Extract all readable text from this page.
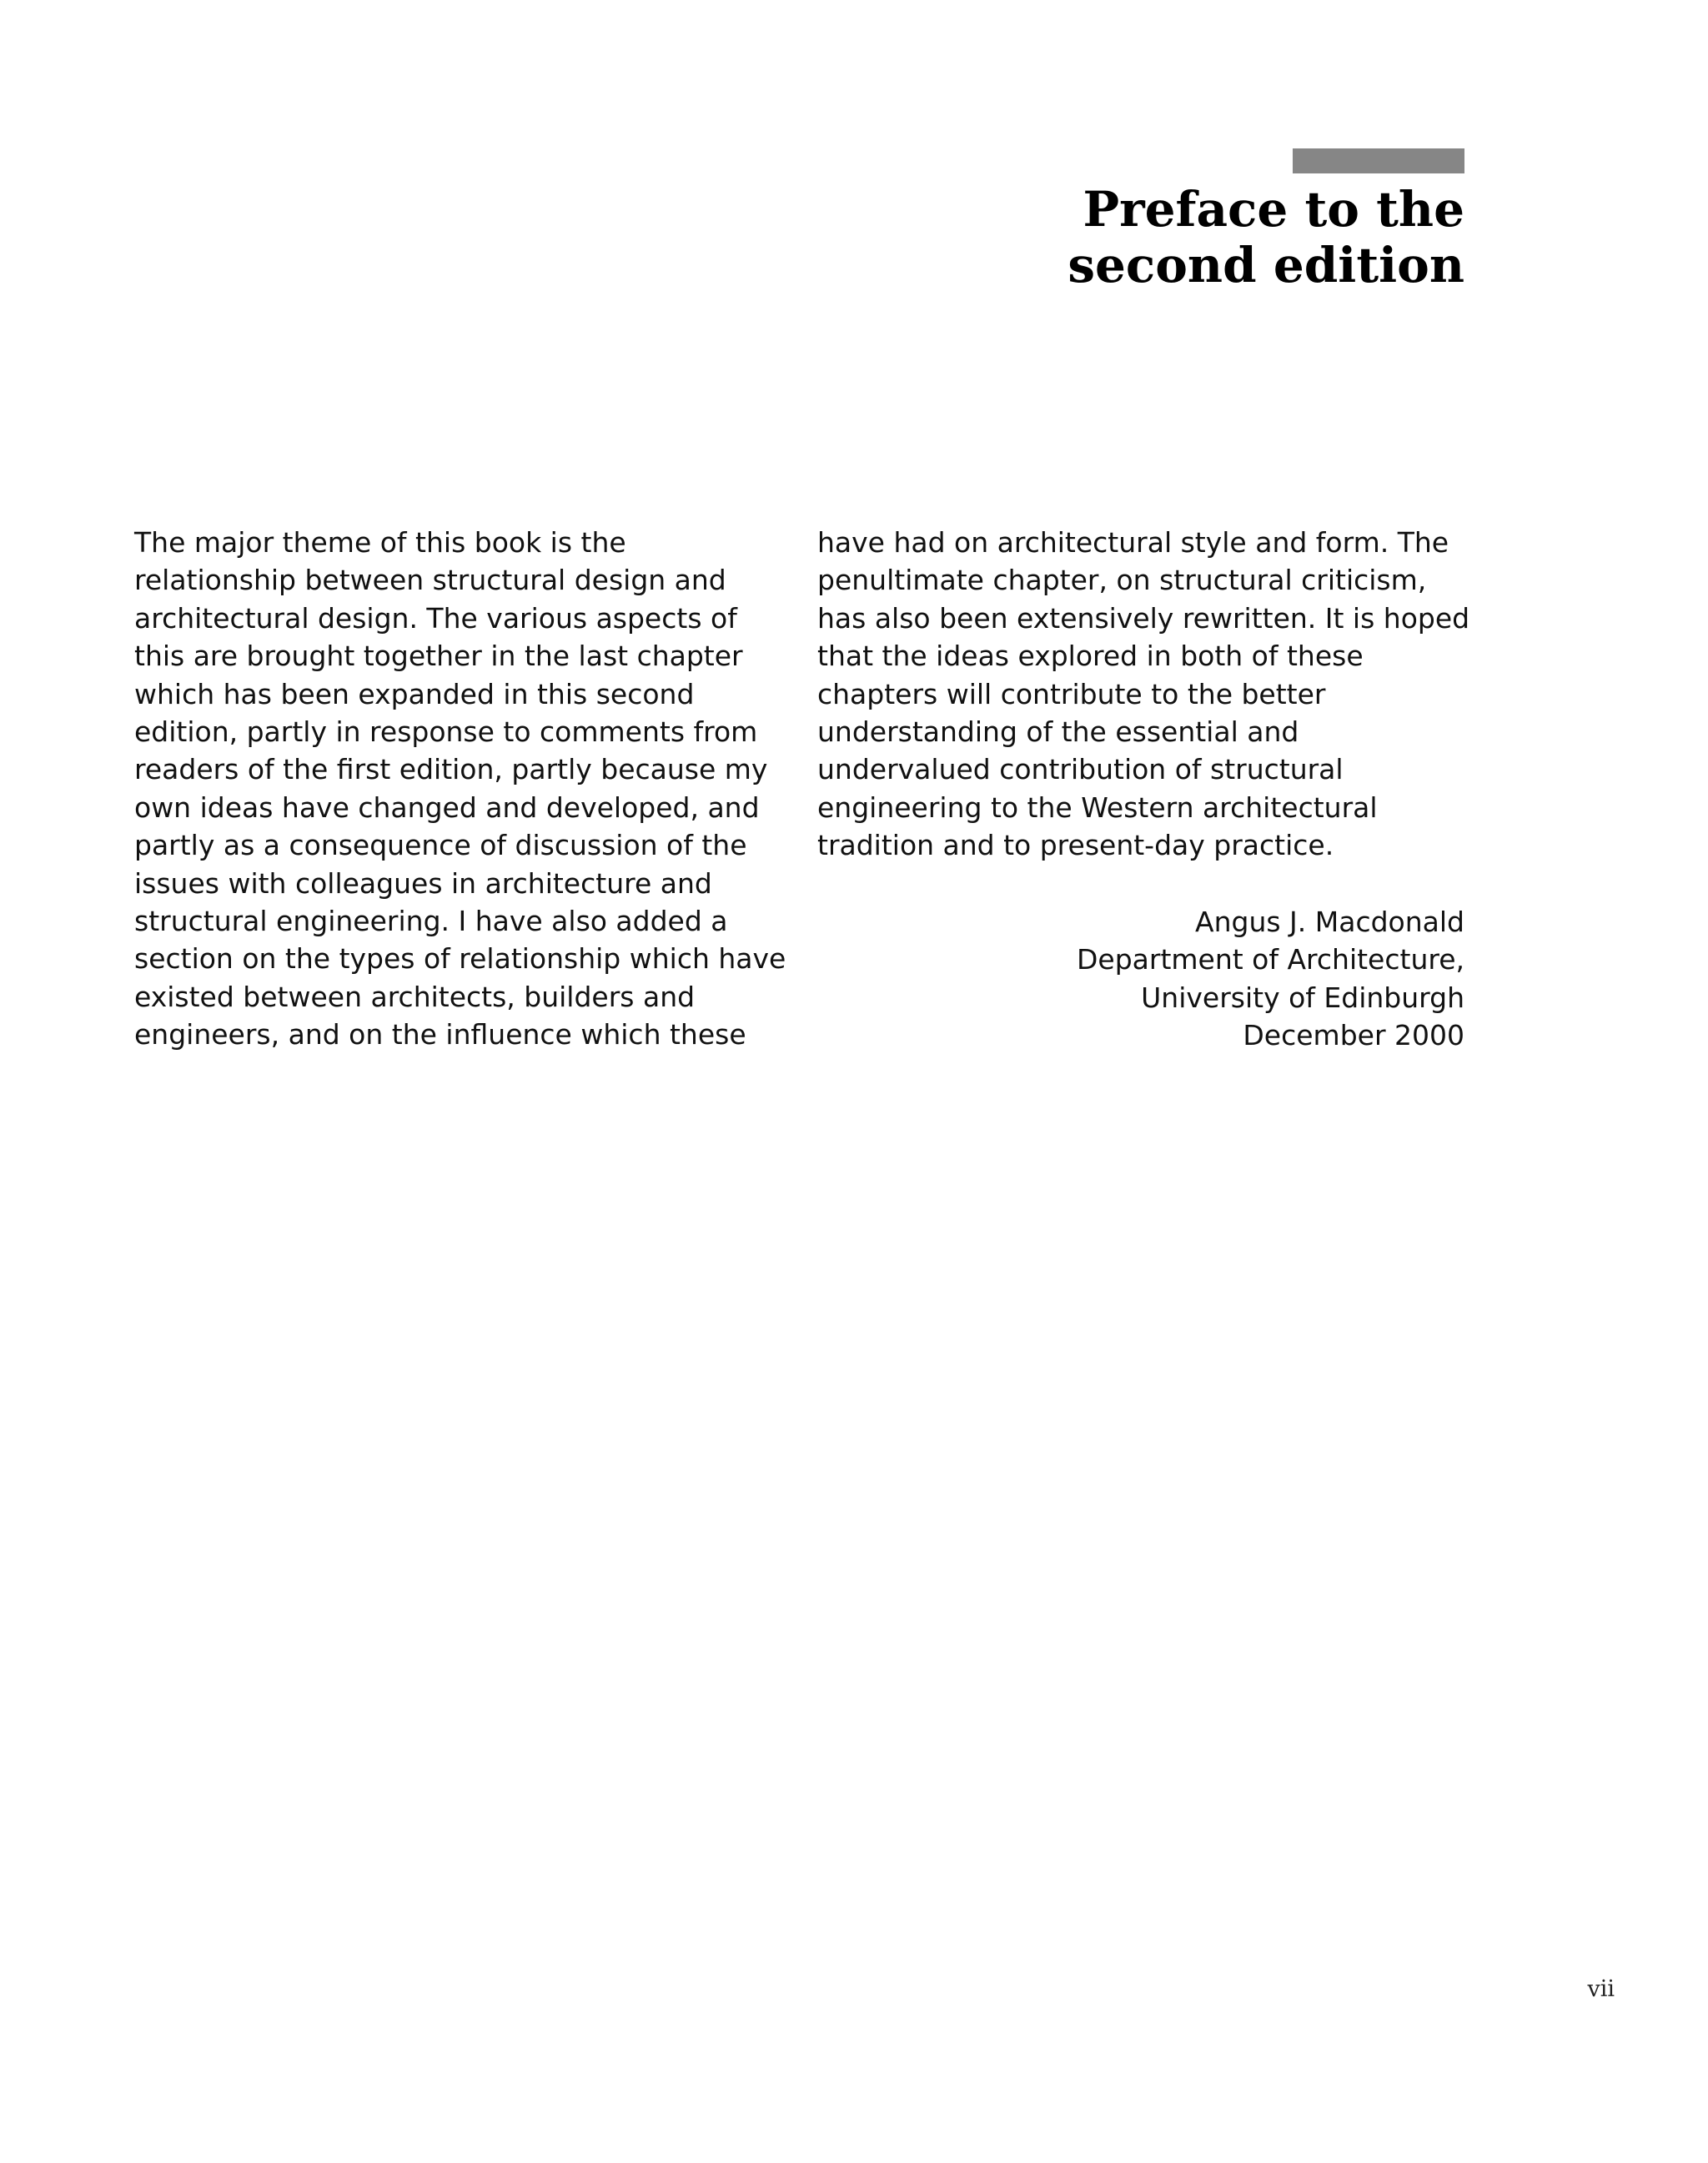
Preface to the
second edition
The major theme of this book is the
relationship between structural design and
architectural design. The various aspects of
this are brought together in the last chapter
which has been expanded in this second
edition, partly in response to comments from
readers of the first edition, partly because my
own ideas have changed and developed, and
partly as a consequence of discussion of the
issues with colleagues in architecture and
structural engineering. I have also added a
section on the types of relationship which have
existed between architects, builders and
engineers, and on the influence which these
have had on architectural style and form. The
penultimate chapter, on structural criticism,
has also been extensively rewritten. It is hoped
that the ideas explored in both of these
chapters will contribute to the better
understanding of the essential and
undervalued contribution of structural
engineering to the Western architectural
tradition and to present-day practice.
Angus J. Macdonald
Department of Architecture,
University of Edinburgh
December 2000
vii
